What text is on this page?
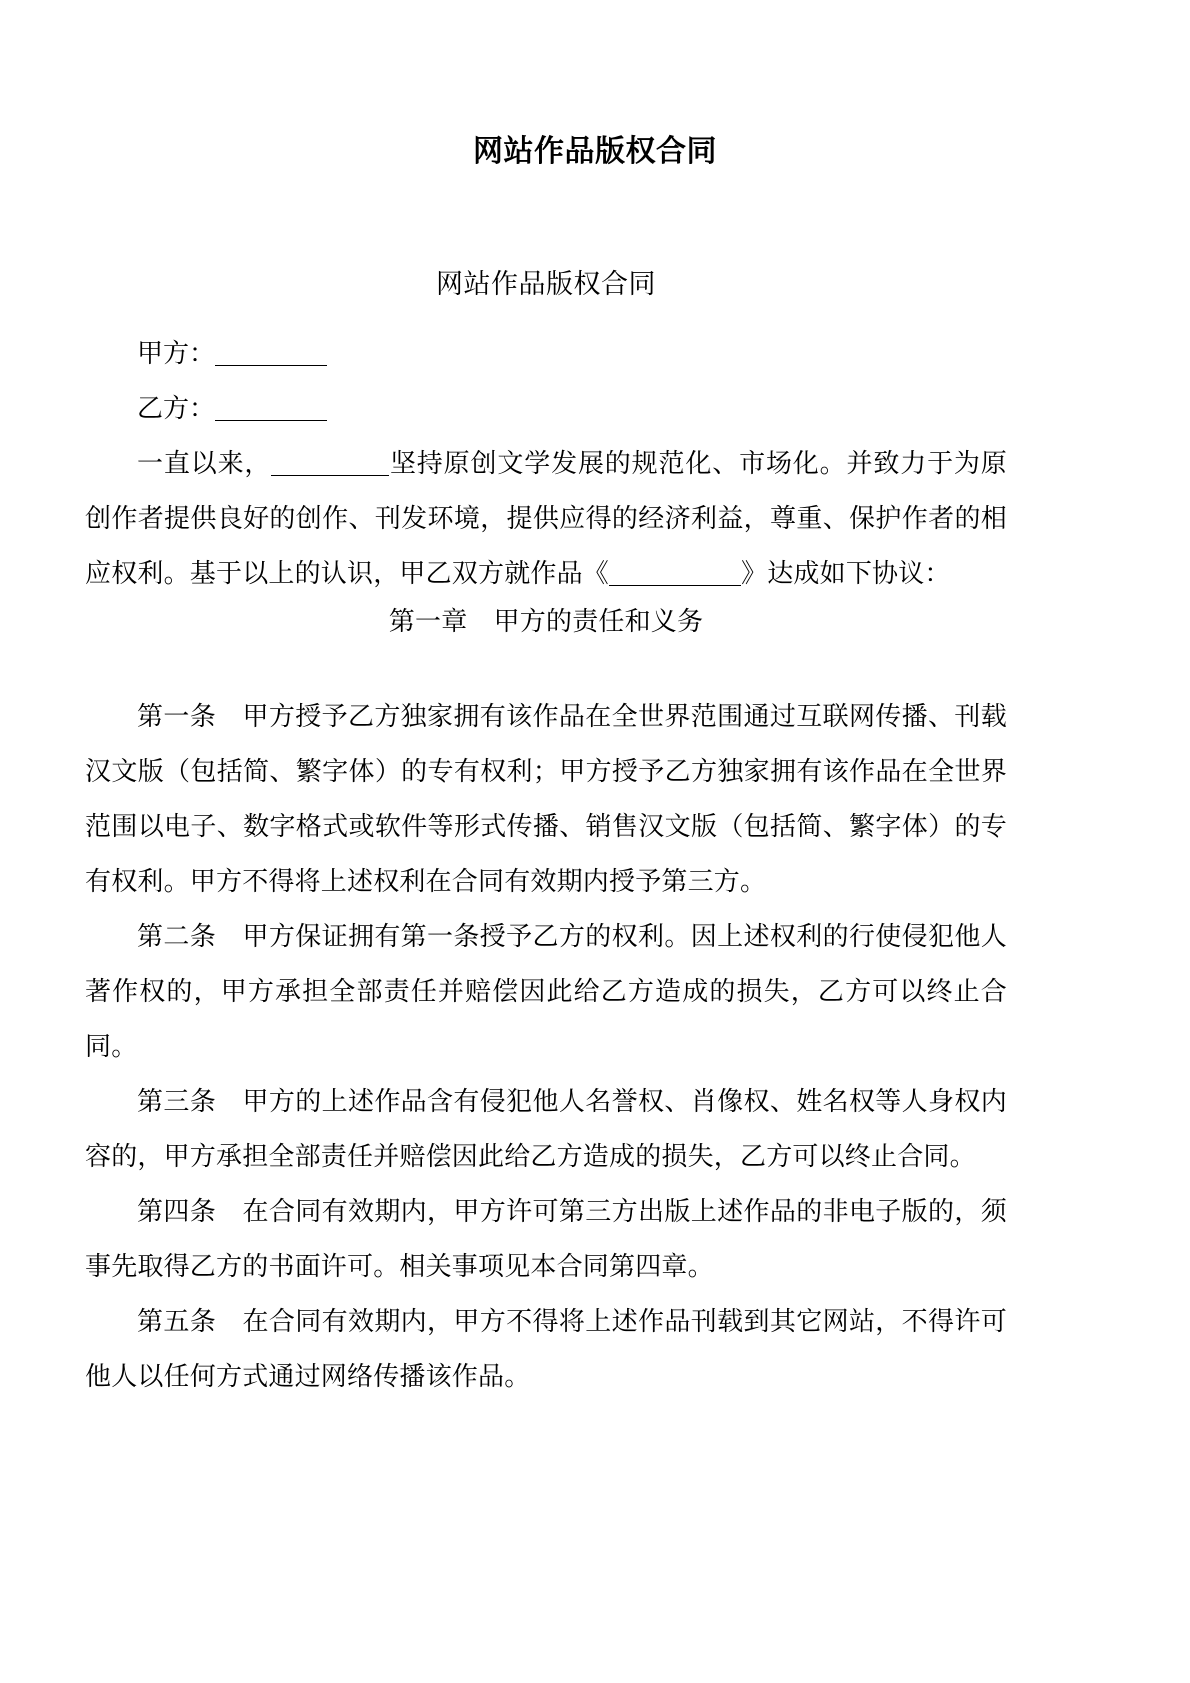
网站作品版权合同
网站作品版权合同

甲方：

乙方：

一直以来，	坚持原创文学发展的规范化、市场化。并致力于为原创作者提供良好的创作、刊发环境，提供应得的经济利益，尊重、保护作者的相应权利。基于以上的认识，甲乙双方就作品《	》达成如下协议：

第一章　甲方的责任和义务

第一条　甲方授予乙方独家拥有该作品在全世界范围通过互联网传播、刊载汉文版（包括简、繁字体）的专有权利；甲方授予乙方独家拥有该作品在全世界范围以电子、数字格式或软件等形式传播、销售汉文版（包括简、繁字体）的专有权利。甲方不得将上述权利在合同有效期内授予第三方。

第二条　甲方保证拥有第一条授予乙方的权利。因上述权利的行使侵犯他人著作权的，甲方承担全部责任并赔偿因此给乙方造成的损失，乙方可以终止合同。

第三条　甲方的上述作品含有侵犯他人名誉权、肖像权、姓名权等人身权内容的，甲方承担全部责任并赔偿因此给乙方造成的损失，乙方可以终止合同。

第四条　在合同有效期内，甲方许可第三方出版上述作品的非电子版的，须事先取得乙方的书面许可。相关事项见本合同第四章。

第五条　在合同有效期内，甲方不得将上述作品刊载到其它网站，不得许可他人以任何方式通过网络传播该作品。
